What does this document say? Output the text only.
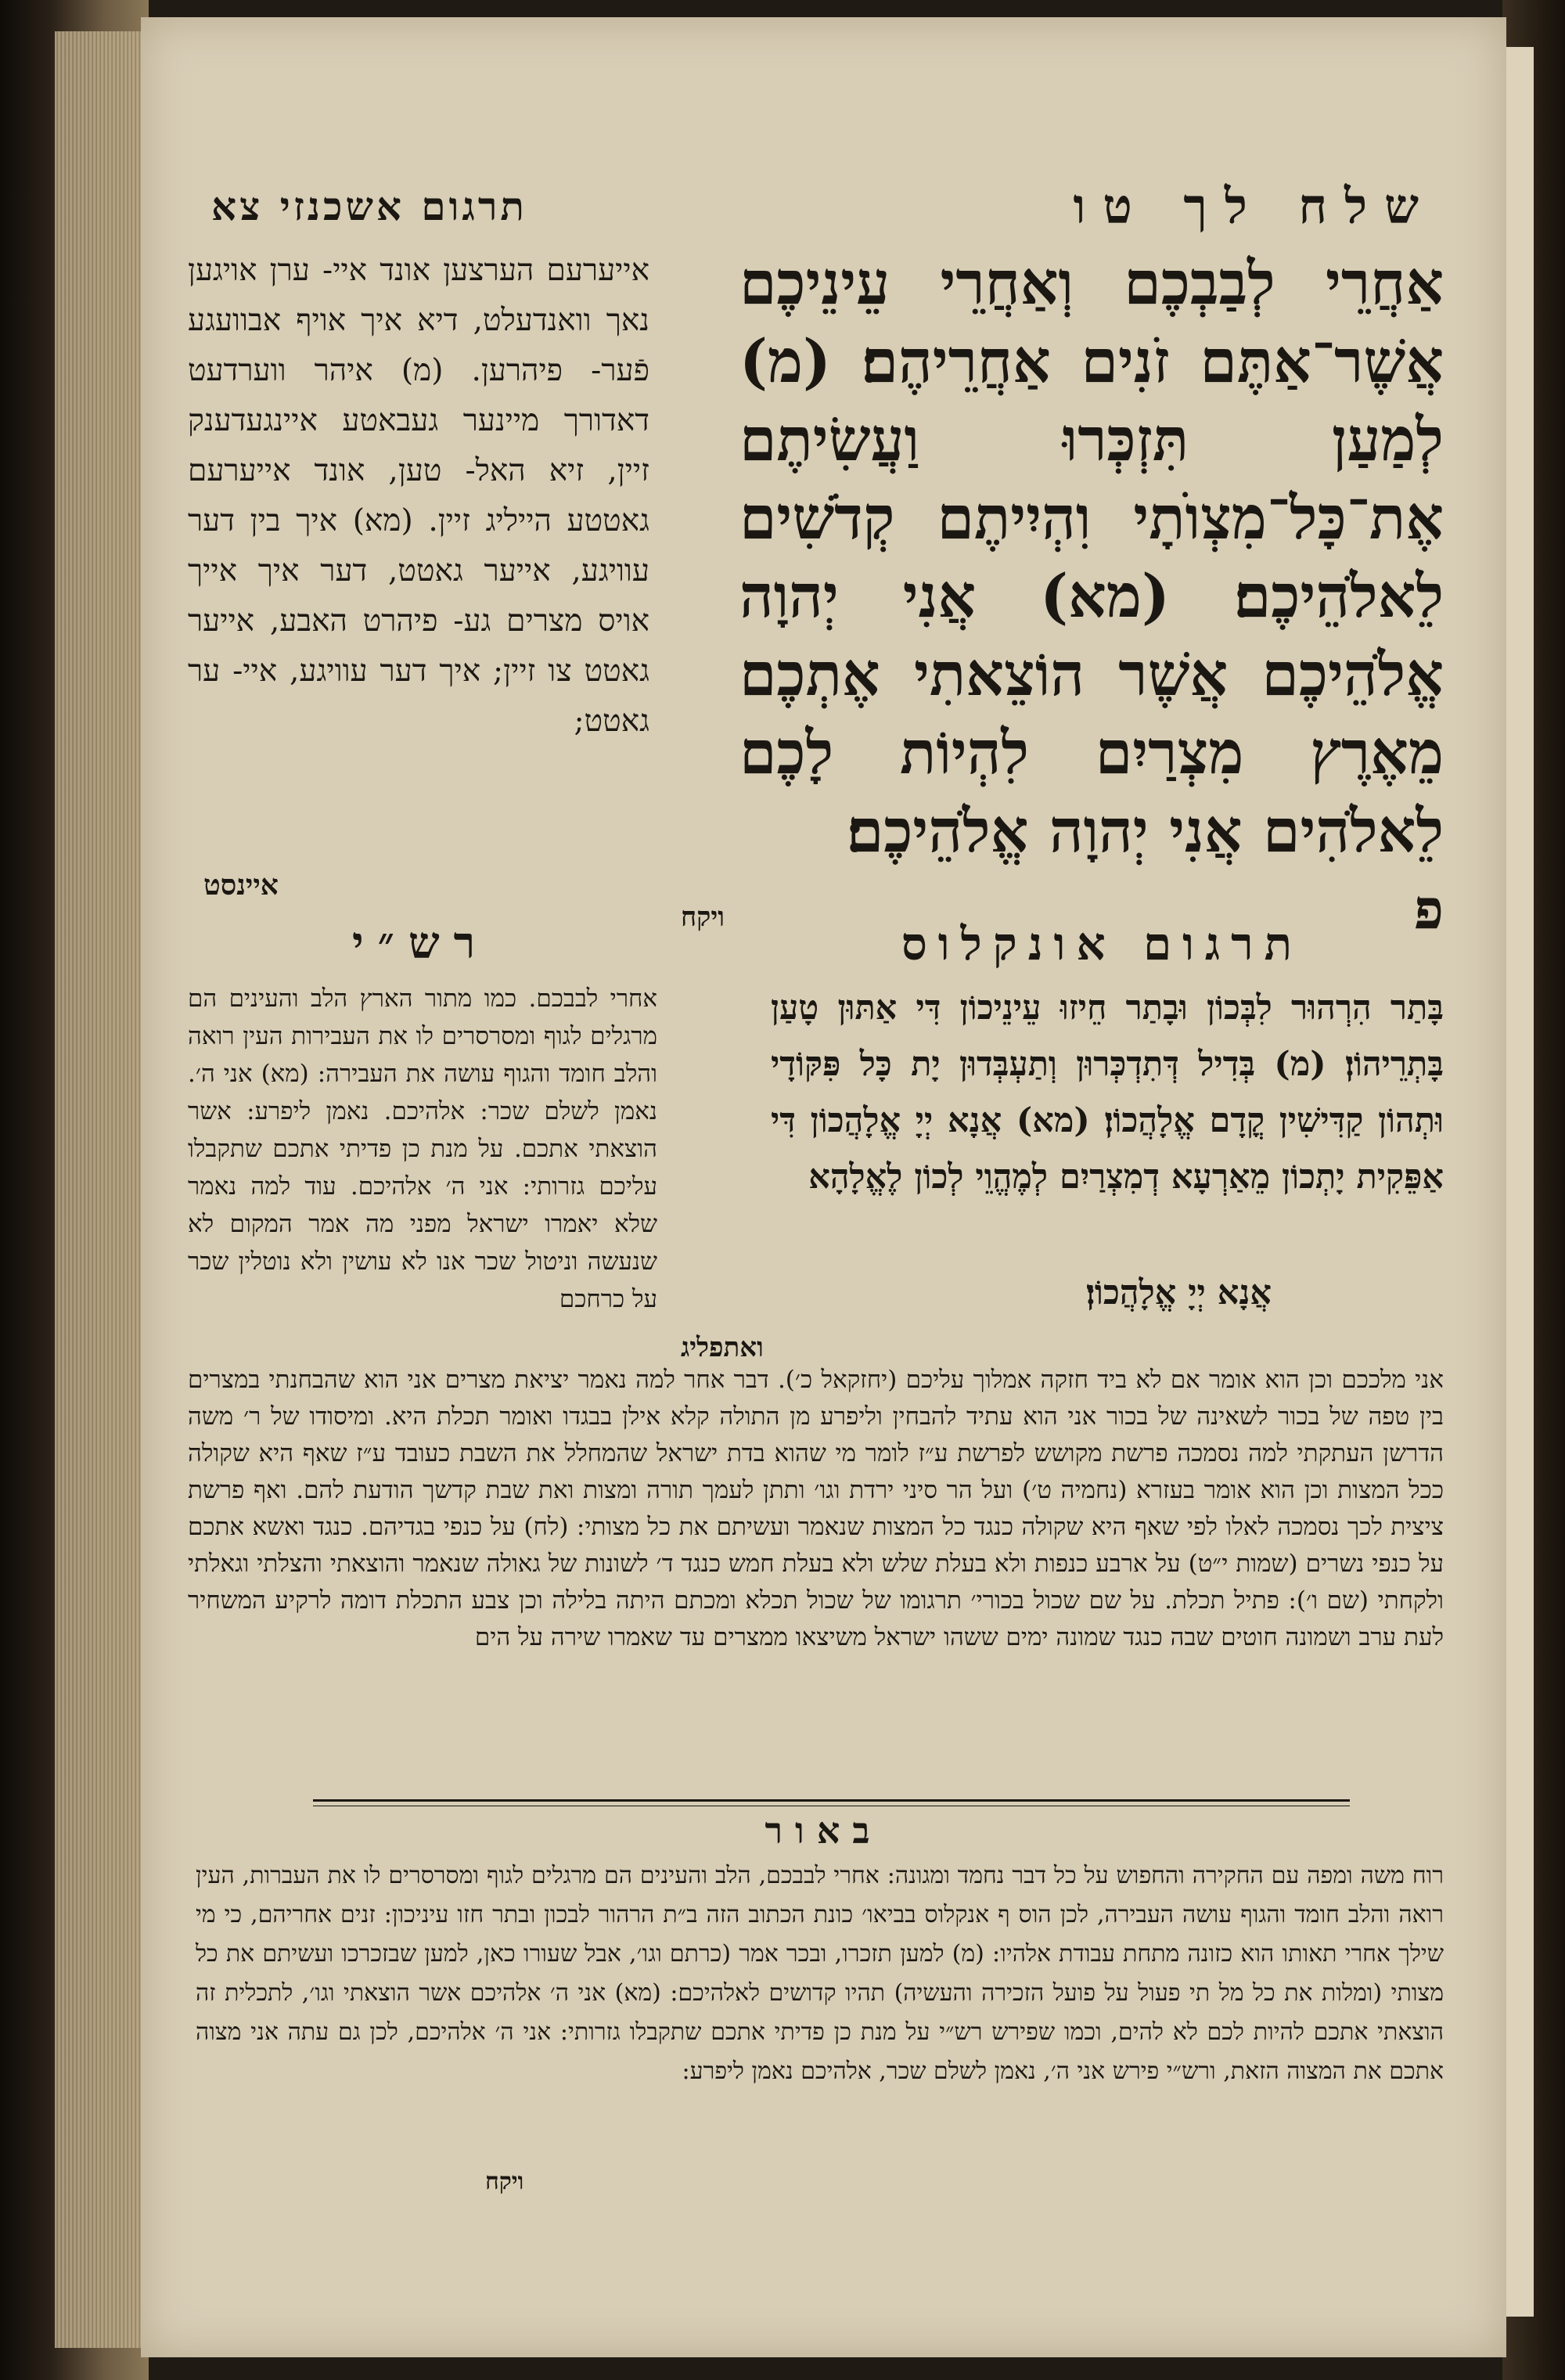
שלח לך טו
תרגום אשכנזי צא
אַחֲרֵי לְבַבְכֶם וְאַחֲרֵי עֵינֵיכֶם אֲשֶׁר־אַתֶּם זֹנִים אַחֲרֵיהֶם׃ (מ) לְמַעַן תִּזְכְּרוּ וַעֲשִׂיתֶם אֶת־כָּל־מִצְוֺתָי וִהְיִיתֶם קְדֹשִׁים לֵאלֹהֵיכֶם׃ (מא) אֲנִי יְהוָה אֱלֹהֵיכֶם אֲשֶׁר הוֹצֵאתִי אֶתְכֶם מֵאֶרֶץ מִצְרַיִם לִהְיוֹת לָכֶם לֵאלֹהִים אֲנִי יְהוָה אֱלֹהֵיכֶם׃
פ
אייערעם הערצען אונד איי- ערן אויגען נאך וואנדעלט, דיא איך אויף אבוועגע פֿער- פיהרען. (מ) איהר ווערדעט דאדורך מיינער געבאטע איינגעדענק זיין, זיא האל- טען, אונד אייערעם גאטטע הייליג זיין. (מא) איך בין דער עוויגע, אייער גאטט, דער איך אייך אויס מצרים גע- פיהרט האבע, אייער גאטט צו זיין; איך דער עוויגע, איי- ער גאטט;
איינסט
ויקח	תרגום אונקלוס
בָּתַר הִרְהוּר לִבְּכוֹן וּבָתַר חֵיזוּ עֵינֵיכוֹן דִּי אַתּוּן טָעַן בָּתְרֵיהוֹן׃ (מ) בְּדִיל דְּתִדְכְּרוּן וְתַעְבְּדוּן יָת כָּל פִּקּוֹדָי וּתְהוֹן קַדִּישִׁין קֳדָם אֱלָהֲכוֹן׃ (מא) אֲנָא יְיָ אֱלָהֲכוֹן דִּי אַפֵּקִית יָתְכוֹן מֵאַרְעָא דְמִצְרַיִם לְמֶהֱוֵי לְכוֹן לֶאֱלָהָא
אֲנָא יְיָ אֱלָהֲכוֹן׃
ואתפליג
רש״י
אחרי לבבכם. כמו מתור הארץ הלב והעינים הם מרגלים לגוף ומסרסרים לו את העבירות העין רואה והלב חומד והגוף עושה את העבירה: (מא) אני ה׳. נאמן לשלם שכר: אלהיכם. נאמן ליפרע: אשר הוצאתי אתכם. על מנת כן פדיתי אתכם שתקבלו עליכם גזרותי: אני ה׳ אלהיכם. עוד למה נאמר שלא יאמרו ישראל מפני מה אמר המקום לא שנעשה וניטול שכר אנו לא עושין ולא נוטלין שכר על כרחכם
אני מלככם וכן הוא אומר אם לא ביד חזקה אמלוך עליכם (יחזקאל כ׳). דבר אחר למה נאמר יציאת מצרים אני הוא שהבחנתי במצרים בין טפה של בכור לשאינה של בכור אני הוא עתיד להבחין וליפרע מן התולה קלא אילן בבגדו ואומר תכלת היא. ומיסודו של ר׳ משה הדרשן העתקתי למה נסמכה פרשת מקושש לפרשת ע״ז לומר מי שהוא בדת ישראל שהמחלל את השבת כעובד ע״ז שאף היא שקולה ככל המצות וכן הוא אומר בעזרא (נחמיה ט׳) ועל הר סיני ירדת וגו׳ ותתן לעמך תורה ומצות ואת שבת קדשך הודעת להם. ואף פרשת ציצית לכך נסמכה לאלו לפי שאף היא שקולה כנגד כל המצות שנאמר ועשיתם את כל מצותי: (לח) על כנפי בגדיהם. כנגד ואשא אתכם על כנפי נשרים (שמות י״ט) על ארבע כנפות ולא בעלת שלש ולא בעלת חמש כנגד ד׳ לשונות של גאולה שנאמר והוצאתי והצלתי וגאלתי ולקחתי (שם ו׳): פתיל תכלת. על שם שכול בכורי׳ תרגומו של שכול תכלא ומכתם היתה בלילה וכן צבע התכלת דומה לרקיע המשחיר לעת ערב ושמונה חוטים שבה כנגד שמונה ימים ששהו ישראל משיצאו ממצרים עד שאמרו שירה על הים
באור
רוח משה ומפה עם החקירה והחפוש על כל דבר נחמד ומגונה: אחרי לבבכם, הלב והעינים הם מרגלים לגוף ומסרסרים לו את העברות, העין רואה והלב חומד והגוף עושה העבירה, לכן הוס ף אנקלוס בביאו׳ כונת הכתוב הזה ב״ת הרהור לבכון ובתר חזו עיניכון: זנים אחריהם, כי מי שילך אחרי תאותו הוא כזונה מתחת עבודת אלהיו: (מ) למען תזכרו, ובכר אמר (כרתם וגו׳, אבל שעורו כאן, למען שבזכרכו ועשיתם את כל מצותי (ומלות את כל מל תי פעול על פועל הזכירה והעשיה) תהיו קדושים לאלהיכם: (מא) אני ה׳ אלהיכם אשר הוצאתי וגו׳, לתכלית זה הוצאתי אתכם להיות לכם לא להים, וכמו שפירש רש״י על מנת כן פדיתי אתכם שתקבלו גזרותי: אני ה׳ אלהיכם, לכן גם עתה אני מצוה אתכם את המצוה הזאת, ורש״י פירש אני ה׳, נאמן לשלם שכר, אלהיכם נאמן ליפרע:
ויקח
